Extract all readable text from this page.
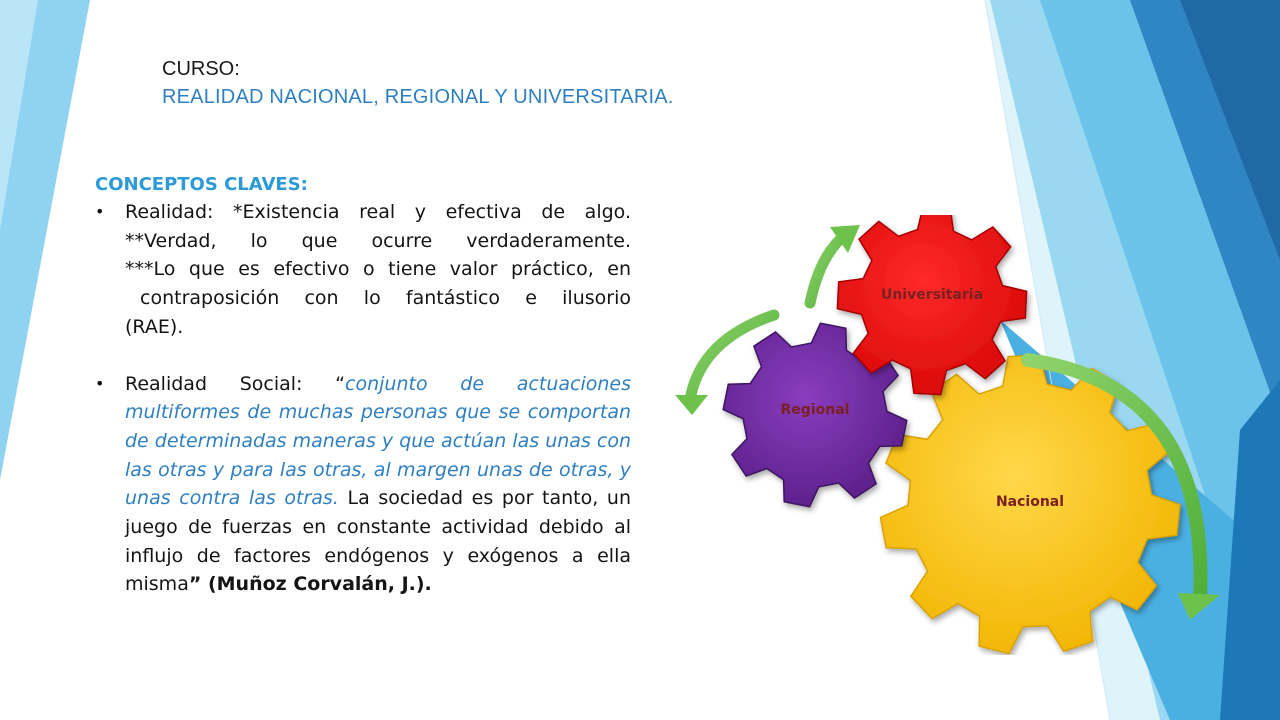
CURSO:
REALIDAD NACIONAL, REGIONAL Y UNIVERSITARIA.
CONCEPTOS CLAVES:
• Realidad: *Existencia real y efectiva de algo.
**Verdad, lo que ocurre verdaderamente.
***Lo que es efectivo o tiene valor práctico, en
contraposición con lo fantástico e ilusorio
(RAE).
• Realidad Social: “conjunto de actuaciones multiformes de muchas personas que se comportan de determinadas maneras y que actúan las unas con las otras y para las otras, al margen unas de otras, y unas contra las otras. La sociedad es por tanto, un juego de fuerzas en constante actividad debido al influjo de factores endógenos y exógenos a ella misma” (Muñoz Corvalán, J.).
Nacional
Regional
Universitaria
